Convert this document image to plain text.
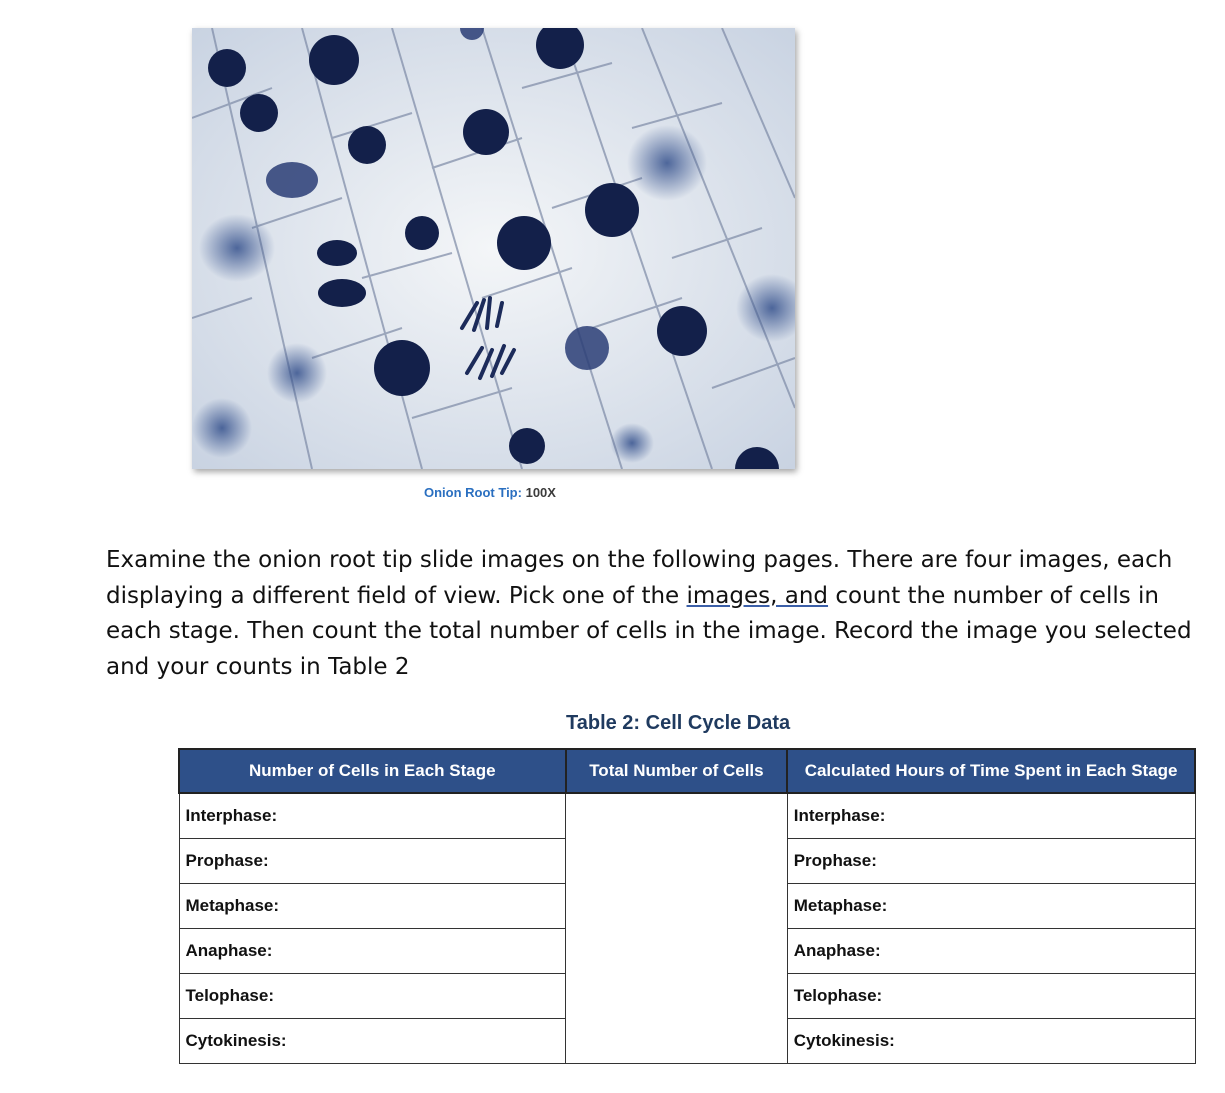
Onion Root Tip: 100X
Examine the onion root tip slide images on the following pages. There are four images, each displaying a different field of view. Pick one of the images, and count the number of cells in each stage. Then count the total number of cells in the image. Record the image you selected and your counts in Table 2
Table 2: Cell Cycle Data
Number of Cells in Each Stage	Total Number of Cells	Calculated Hours of Time Spent in Each Stage
Interphase:		Interphase:
Prophase:		Prophase:
Metaphase:		Metaphase:
Anaphase:		Anaphase:
Telophase:		Telophase:
Cytokinesis:		Cytokinesis:
